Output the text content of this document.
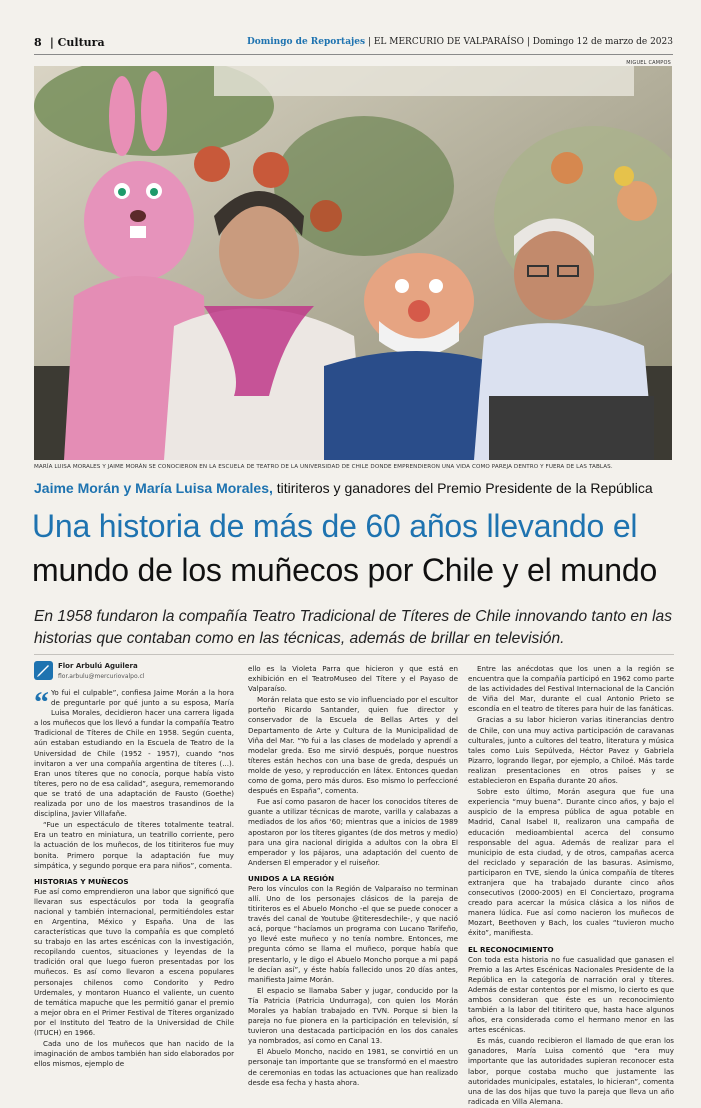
8 | Cultura	Domingo de Reportajes | EL MERCURIO DE VALPARAÍSO | Domingo 12 de marzo de 2023
MIGUEL CAMPOS
MARÍA LUISA MORALES Y JAIME MORÁN SE CONOCIERON EN LA ESCUELA DE TEATRO DE LA UNIVERSIDAD DE CHILE DONDE EMPRENDIERON UNA VIDA COMO PAREJA DENTRO Y FUERA DE LAS TABLAS.
Jaime Morán y María Luisa Morales, titiriteros y ganadores del Premio Presidente de la República
Una historia de más de 60 años llevando el
mundo de los muñecos por Chile y el mundo
En 1958 fundaron la compañía Teatro Tradicional de Títeres de Chile innovando tanto en las historias que contaban como en las técnicas, además de brillar en televisión.
Flor Arbulú Aguilera
flor.arbulu@mercuriovalpo.cl

“ Yo fui el culpable”, confiesa Jaime Morán a la hora de preguntarle por qué junto a su esposa, María Luisa Morales, decidieron hacer una carrera ligada a los muñecos que los llevó a fundar la compañía Teatro Tradicional de Títeres de Chile en 1958. Según cuenta, aún estaban estudiando en la Escuela de Teatro de la Universidad de Chile (1952 - 1957), cuando “nos invitaron a ver una compañía argentina de títeres (...). Eran unos títeres que no conocía, porque había visto títeres, pero no de esa calidad”, asegura, rememorando que se trató de una adaptación de Fausto (Goethe) realizada por uno de los maestros trasandinos de la disciplina, Javier Villafañe.

“Fue un espectáculo de títeres totalmente teatral. Era un teatro en miniatura, un teatrillo corriente, pero la actuación de los muñecos, de los titiriteros fue muy bonita. Primero porque la adaptación fue muy simpática, y segundo porque era para niños”, comenta.

HISTORIAS Y MUÑECOS

Fue así como emprendieron una labor que significó que llevaran sus espectáculos por toda la geografía nacional y también internacional, permitiéndoles estar en Argentina, México y España. Una de las características que tuvo la compañía es que completó su trabajo en las artes escénicas con la investigación, recopilando cuentos, situaciones y leyendas de la tradición oral que luego fueron presentadas por los muñecos. Es así como llevaron a escena populares personajes chilenos como Condorito y Pedro Urdemales, y montaron Huanco el valiente, un cuento de temática mapuche que les permitió ganar el premio a mejor obra en el Primer Festival de Títeres organizado por el Instituto del Teatro de la Universidad de Chile (ITUCH) en 1966.

Cada uno de los muñecos que han nacido de la imaginación de ambos también han sido elaborados por ellos mismos, ejemplo de

ello es la Violeta Parra que hicieron y que está en exhibición en el TeatroMuseo del Títere y el Payaso de Valparaíso.

Morán relata que esto se vio influenciado por el escultor porteño Ricardo Santander, quien fue director y conservador de la Escuela de Bellas Artes y del Departamento de Arte y Cultura de la Municipalidad de Viña del Mar. “Yo fui a las clases de modelado y aprendí a modelar greda. Eso me sirvió después, porque nuestros títeres están hechos con una base de greda, después un molde de yeso, y reproducción en látex. Entonces quedan como de goma, pero más duros. Eso mismo lo perfeccioné después en España”, comenta.

Fue así como pasaron de hacer los conocidos títeres de guante a utilizar técnicas de marote, varilla y calabazas a mediados de los años ‘60; mientras que a inicios de 1989 apostaron por los títeres gigantes (de dos metros y medio) para una gira nacional dirigida a adultos con la obra El emperador y los pájaros, una adaptación del cuento de Andersen El emperador y el ruiseñor.

UNIDOS A LA REGIÓN

Pero los vínculos con la Región de Valparaíso no terminan allí. Uno de los personajes clásicos de la pareja de titiriteros es el Abuelo Moncho -el que se puede conocer a través del canal de Youtube @titeresdechile-, y que nació acá, porque “hacíamos un programa con Lucano Tarifeño, yo llevé este muñeco y no tenía nombre. Entonces, me pregunta cómo se llama el muñeco, porque había que presentarlo, y le digo el Abuelo Moncho porque a mi papá le decían así”, y éste había fallecido unos 20 días antes, manifiesta Jaime Morán.

El espacio se llamaba Saber y jugar, conducido por la Tía Patricia (Patricia Undurraga), con quien los Morán Morales ya habían trabajado en TVN. Porque si bien la pareja no fue pionera en la participación en televisión, sí tuvieron una destacada participación en los dos canales ya nombrados, así como en Canal 13.

El Abuelo Moncho, nacido en 1981, se convirtió en un personaje tan importante que se transformó en el maestro de ceremonias en todas las actuaciones que han realizado desde esa fecha y hasta ahora.

Entre las anécdotas que los unen a la región se encuentra que la compañía participó en 1962 como parte de las actividades del Festival Internacional de la Canción de Viña del Mar, durante el cual Antonio Prieto se escondía en el teatro de títeres para huir de las fanáticas.

Gracias a su labor hicieron varias itinerancias dentro de Chile, con una muy activa participación de caravanas culturales, junto a cultores del teatro, literatura y música tales como Luis Sepúlveda, Héctor Pavez y Gabriela Pizarro, logrando llegar, por ejemplo, a Chiloé. Más tarde realizan presentaciones en otros países y se establecieron en España durante 20 años.

Sobre esto último, Morán asegura que fue una experiencia “muy buena”. Durante cinco años, y bajo el auspicio de la empresa pública de agua potable en Madrid, Canal Isabel II, realizaron una campaña de educación medioambiental acerca del consumo responsable del agua. Además de realizar para el municipio de esta ciudad, y de otros, campañas acerca del reciclado y separación de las basuras. Asimismo, participaron en TVE, siendo la única compañía de títeres extranjera que ha trabajado durante cinco años consecutivos (2000-2005) en El Conciertazo, programa creado para acercar la música clásica a los niños de manera lúdica. Fue así como nacieron los muñecos de Mozart, Beethoven y Bach, los cuales “tuvieron mucho éxito”, manifiesta.

EL RECONOCIMIENTO

Con toda esta historia no fue casualidad que ganasen el Premio a las Artes Escénicas Nacionales Presidente de la República en la categoría de narración oral y títeres. Además de estar contentos por el mismo, lo cierto es que ambos consideran que éste es un reconocimiento también a la labor del titiritero que, hasta hace algunos años, era considerada como el hermano menor en las artes escénicas.

Es más, cuando recibieron el llamado de que eran los ganadores, María Luisa comentó que “era muy importante que las autoridades supieran reconocer esta labor, porque costaba mucho que justamente las autoridades municipales, estatales, lo hicieran”, comenta una de las dos hijas que tuvo la pareja que lleva un año radicada en Villa Alemana.
